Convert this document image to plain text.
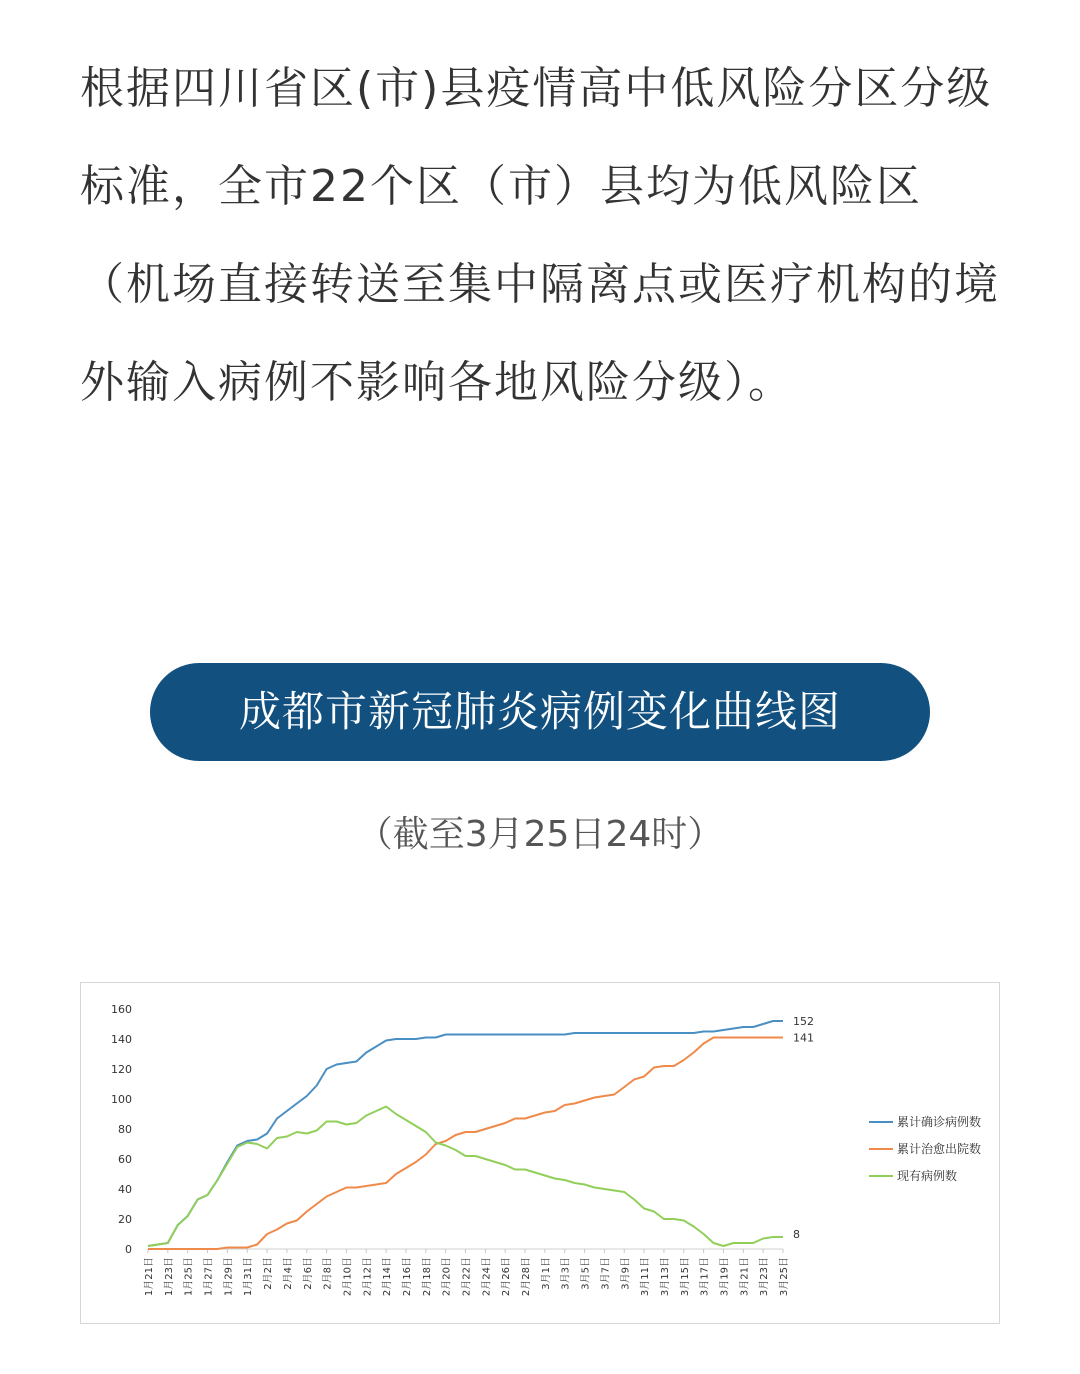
根据四川省区(市)县疫情高中低风险分区分级标准，全市22个区（市）县均为低风险区（机场直接转送至集中隔离点或医疗机构的境外输入病例不影响各地风险分级）。

成都市新冠肺炎病例变化曲线图
（截至3月25日24时）
0
20
40
60
80
100
120
140
160
1月21日 1月23日 1月25日 1月27日 1月29日 1月31日 2月2日 2月4日 2月6日 2月8日 2月10日 2月12日 2月14日 2月16日 2月18日 2月20日 2月22日 2月24日 2月26日 2月28日 3月1日 3月3日 3月5日 3月7日 3月9日 3月11日 3月13日 3月15日 3月17日 3月19日 3月21日 3月23日 3月25日
152
141
8
累计确诊病例数
累计治愈出院数
现有病例数
